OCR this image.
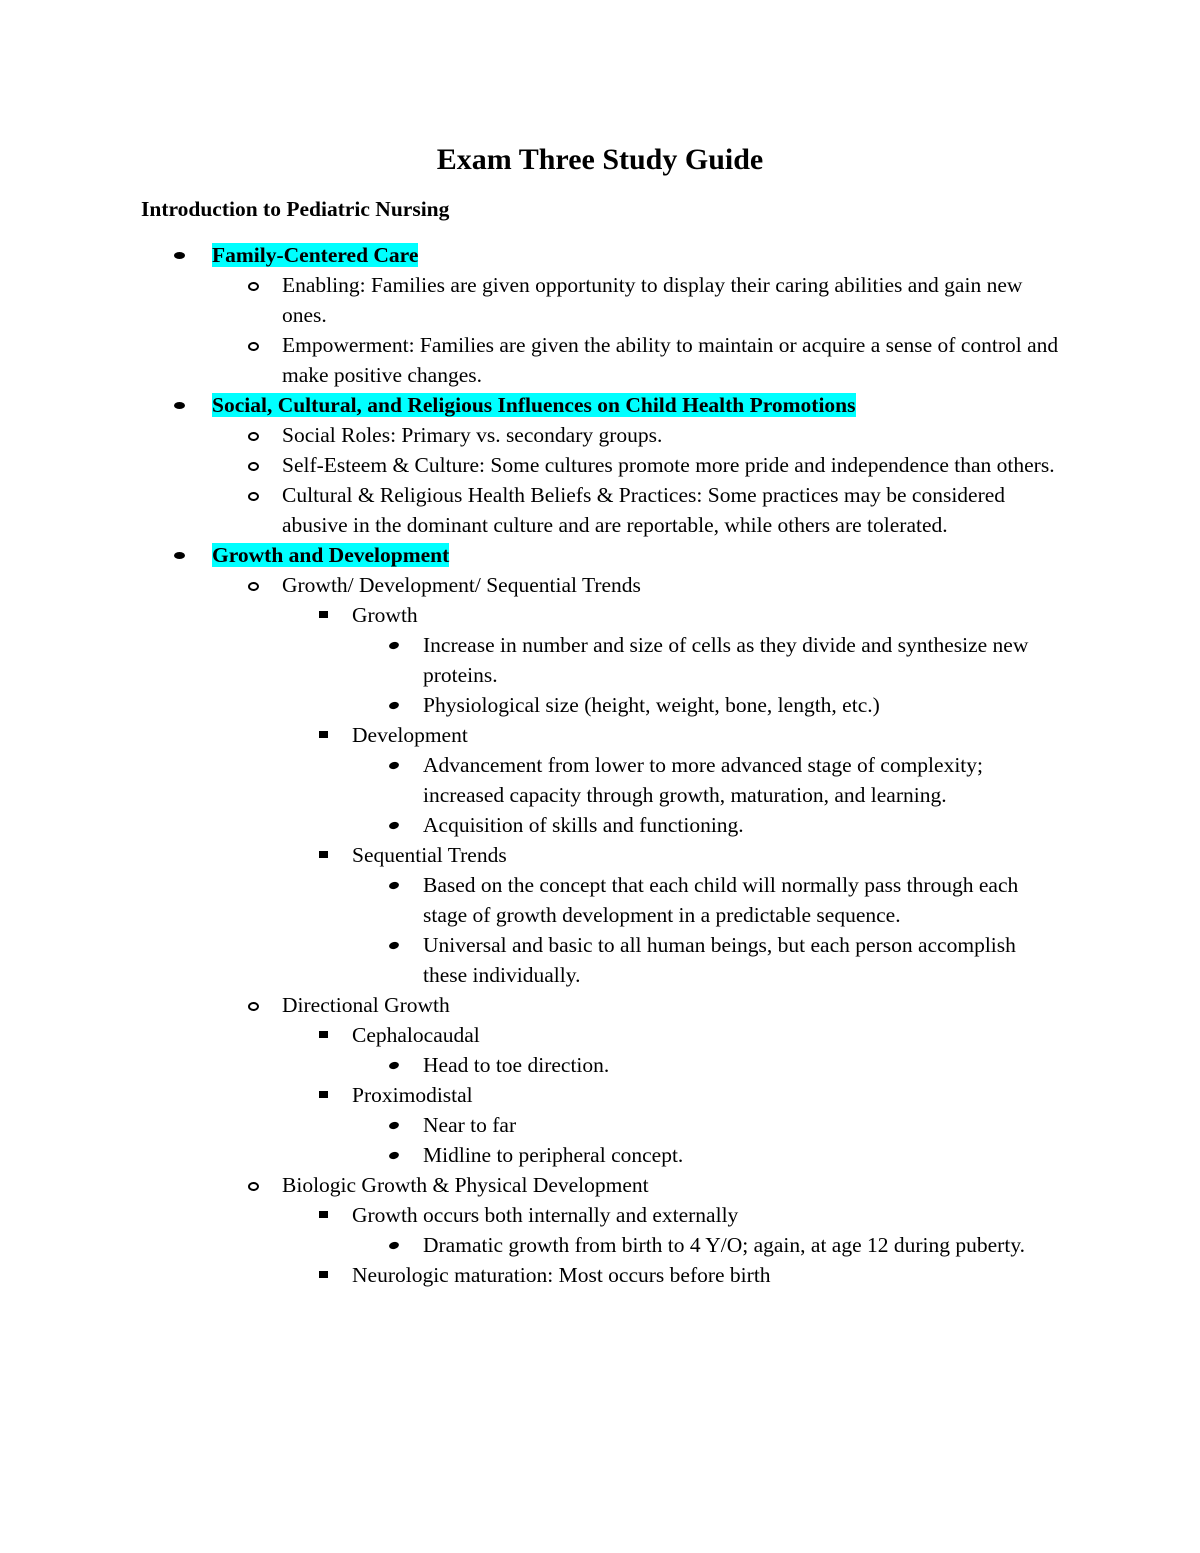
Exam Three Study Guide
Introduction to Pediatric Nursing
Family-Centered Care
Enabling: Families are given opportunity to display their caring abilities and gain new ones.
Empowerment: Families are given the ability to maintain or acquire a sense of control and make positive changes.
Social, Cultural, and Religious Influences on Child Health Promotions
Social Roles: Primary vs. secondary groups.
Self-Esteem & Culture: Some cultures promote more pride and independence than others.
Cultural & Religious Health Beliefs & Practices: Some practices may be considered abusive in the dominant culture and are reportable, while others are tolerated.
Growth and Development
Growth/ Development/ Sequential Trends
Growth
Increase in number and size of cells as they divide and synthesize new proteins.
Physiological size (height, weight, bone, length, etc.)
Development
Advancement from lower to more advanced stage of complexity; increased capacity through growth, maturation, and learning.
Acquisition of skills and functioning.
Sequential Trends
Based on the concept that each child will normally pass through each stage of growth development in a predictable sequence.
Universal and basic to all human beings, but each person accomplish these individually.
Directional Growth
Cephalocaudal
Head to toe direction.
Proximodistal
Near to far
Midline to peripheral concept.
Biologic Growth & Physical Development
Growth occurs both internally and externally
Dramatic growth from birth to 4 Y/O; again, at age 12 during puberty.
Neurologic maturation: Most occurs before birth
